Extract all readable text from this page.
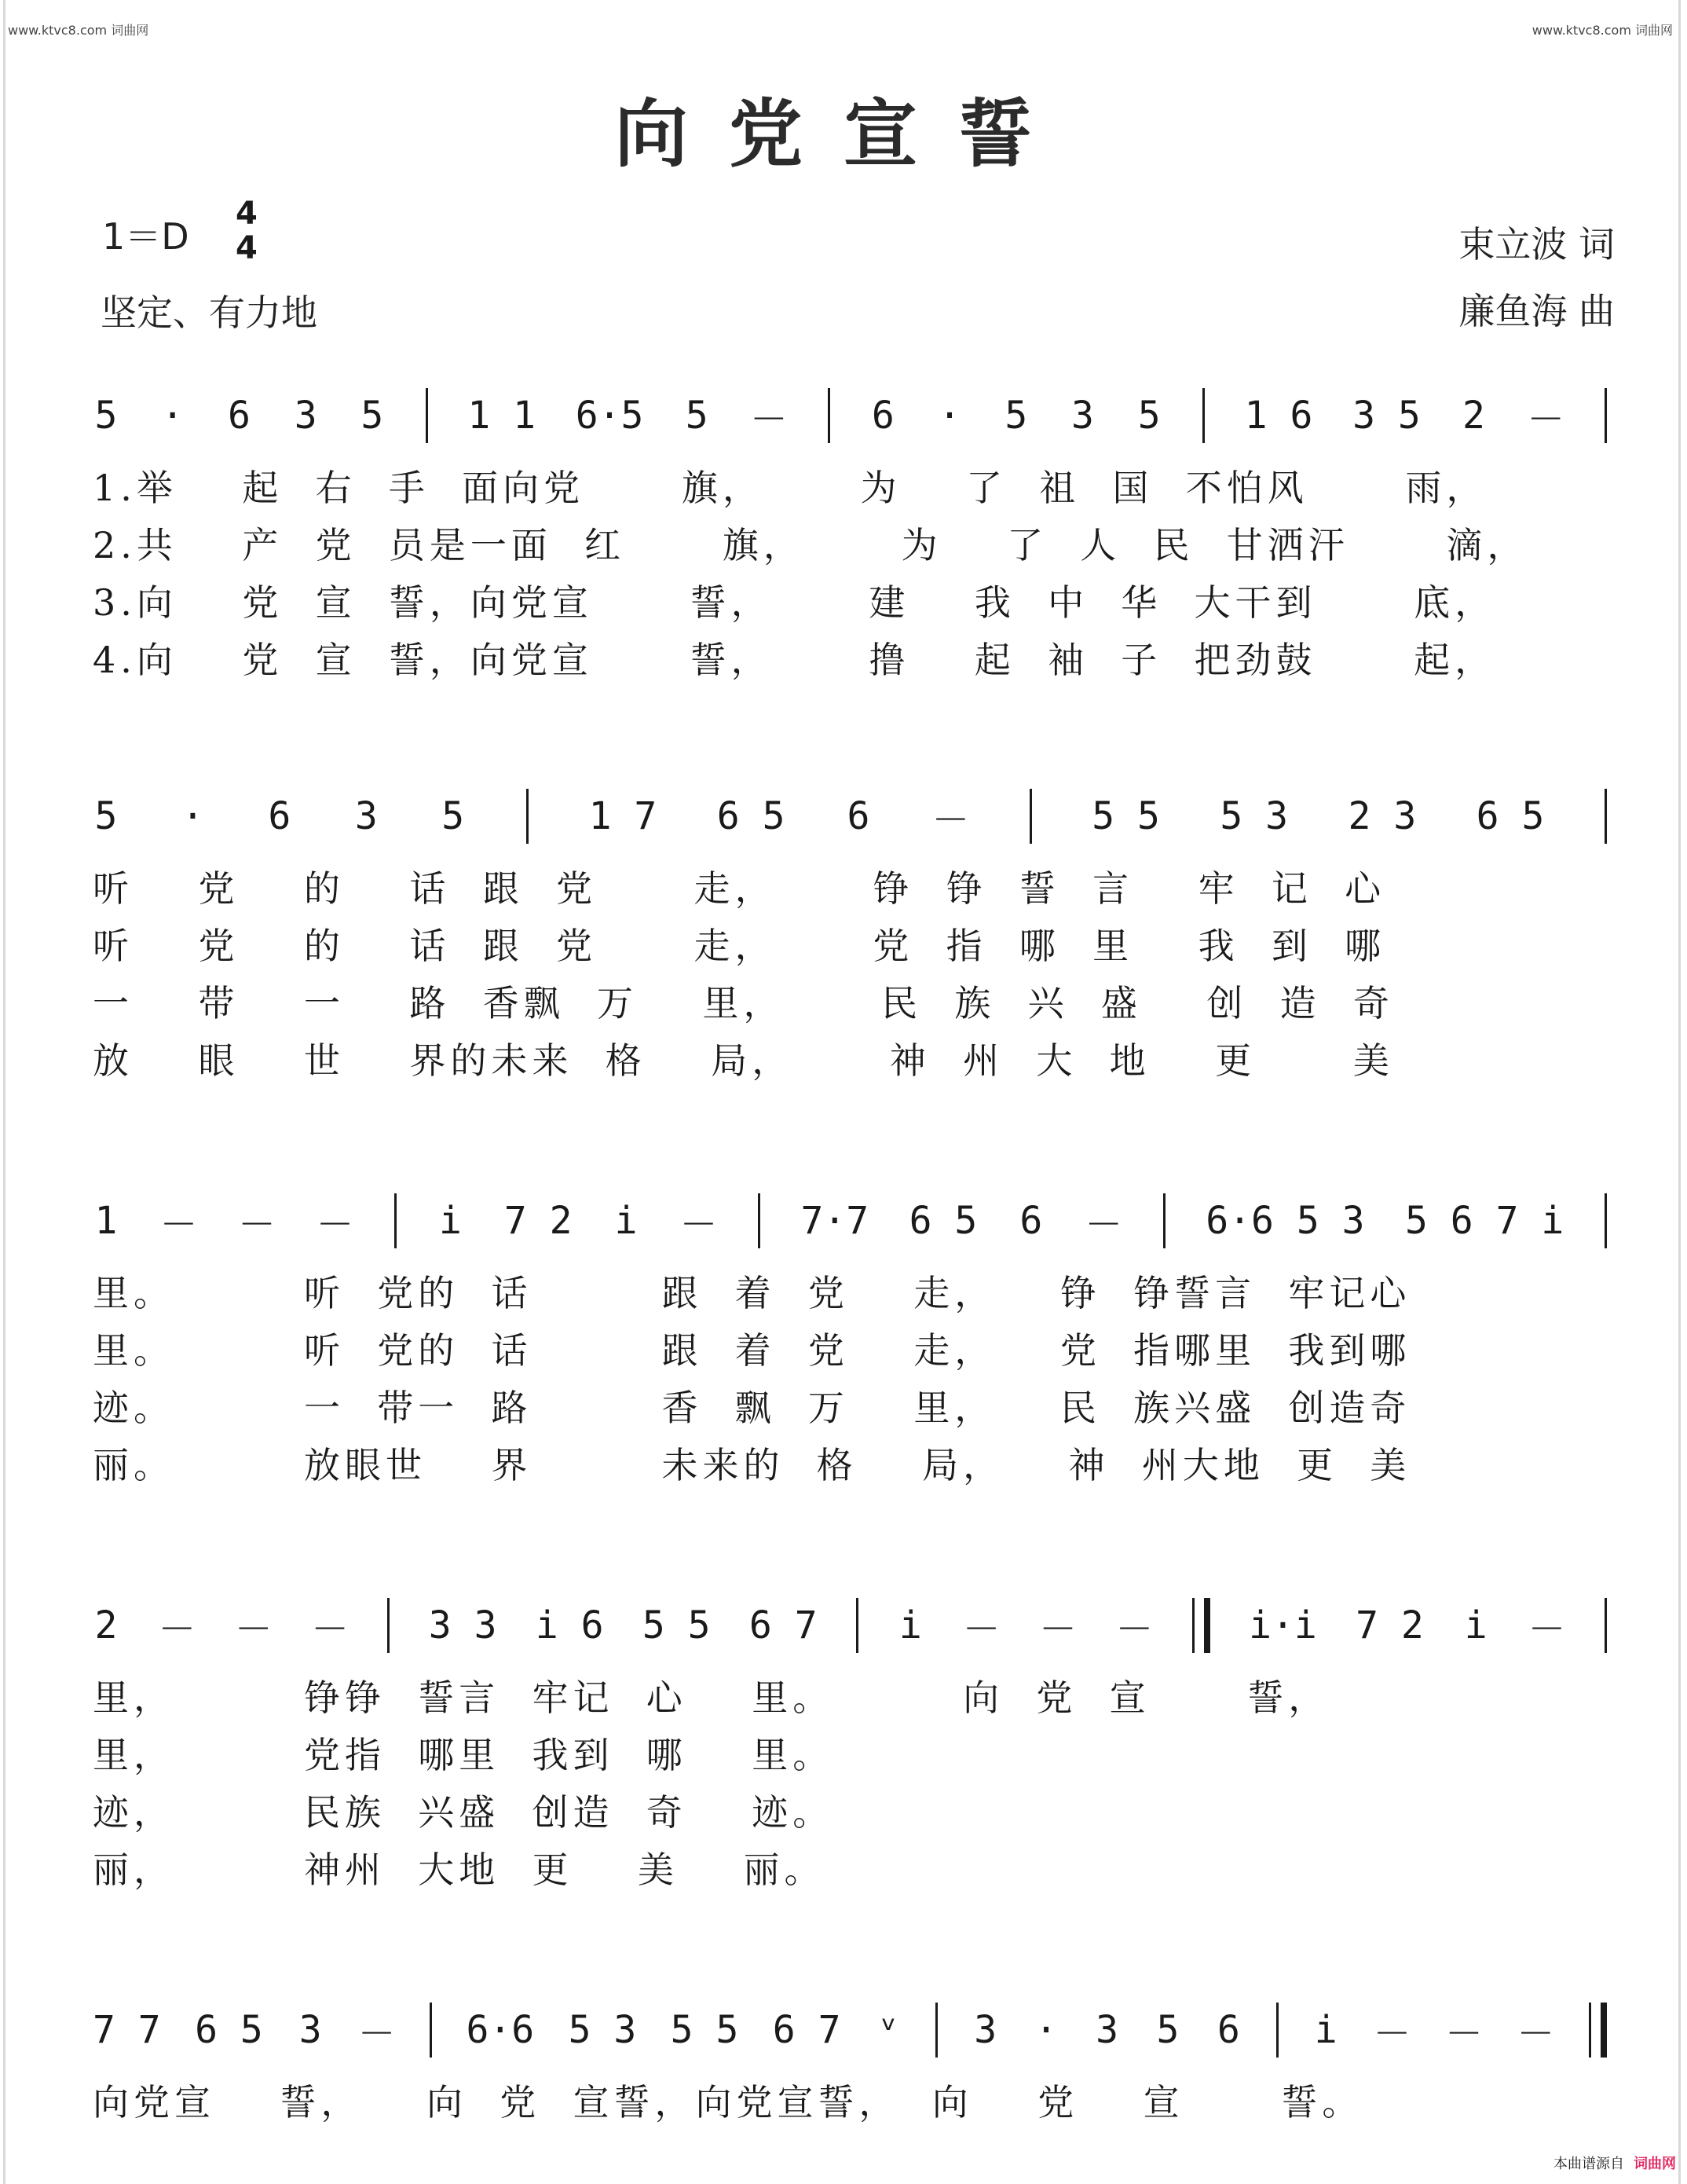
www.ktvc8.com 词曲网	www.ktvc8.com 词曲网
向党宣誓
1＝D
4
4
坚定、有力地
束立波 词
廉鱼海 曲
5 · 6 3 5 1 1 6·5 5 － 6 · 5 3 5 1 6 3 5 2 －
1.举    起  右  手  面向党      旗，      为    了  祖  国  不怕风      雨，
2.共    产  党  员是一面  红      旗，      为    了  人  民  甘洒汗      滴，
3.向    党  宣  誓，向党宣      誓，      建    我  中  华  大干到      底，
4.向    党  宣  誓，向党宣      誓，      撸    起  袖  子  把劲鼓      起，
5 · 6 3 5	1 7 6 5 6 －	5 5 5 3 2 3 6 5
听    党    的    话  跟  党      走，      铮  铮  誓  言    牢  记  心
听    党    的    话  跟  党      走，      党  指  哪  里    我  到  哪
一    带    一    路  香飘  万    里，      民  族  兴  盛    创  造  奇
放    眼    世    界的未来  格    局，      神  州  大  地    更      美
1 － － － i 7 2 i － 7·7 6 5 6 － 6·6 5 3 5 6 7 i
里。        听  党的  话        跟  着  党    走，    铮  铮誓言  牢记心
里。        听  党的  话        跟  着  党    走，    党  指哪里  我到哪
迹。        一  带一  路        香  飘  万    里，    民  族兴盛  创造奇
丽。        放眼世    界        未来的  格    局，    神  州大地  更  美
2 － － － 3 3 i 6 5 5 6 7 i － － －	i·i 7 2 i －
里，        铮铮  誓言  牢记  心    里。        向  党  宣      誓，
里，        党指  哪里  我到  哪    里。
迹，        民族  兴盛  创造  奇    迹。
丽，        神州  大地  更    美    丽。
7 7 6 5 3 － 6·6 5 3 5 5 6 7 ᵛ 3 · 3 5 6 i － － －
向党宣    誓，    向  党  宣誓，向党宣誓，  向    党    宣      誓。
本曲谱源自 词曲网
